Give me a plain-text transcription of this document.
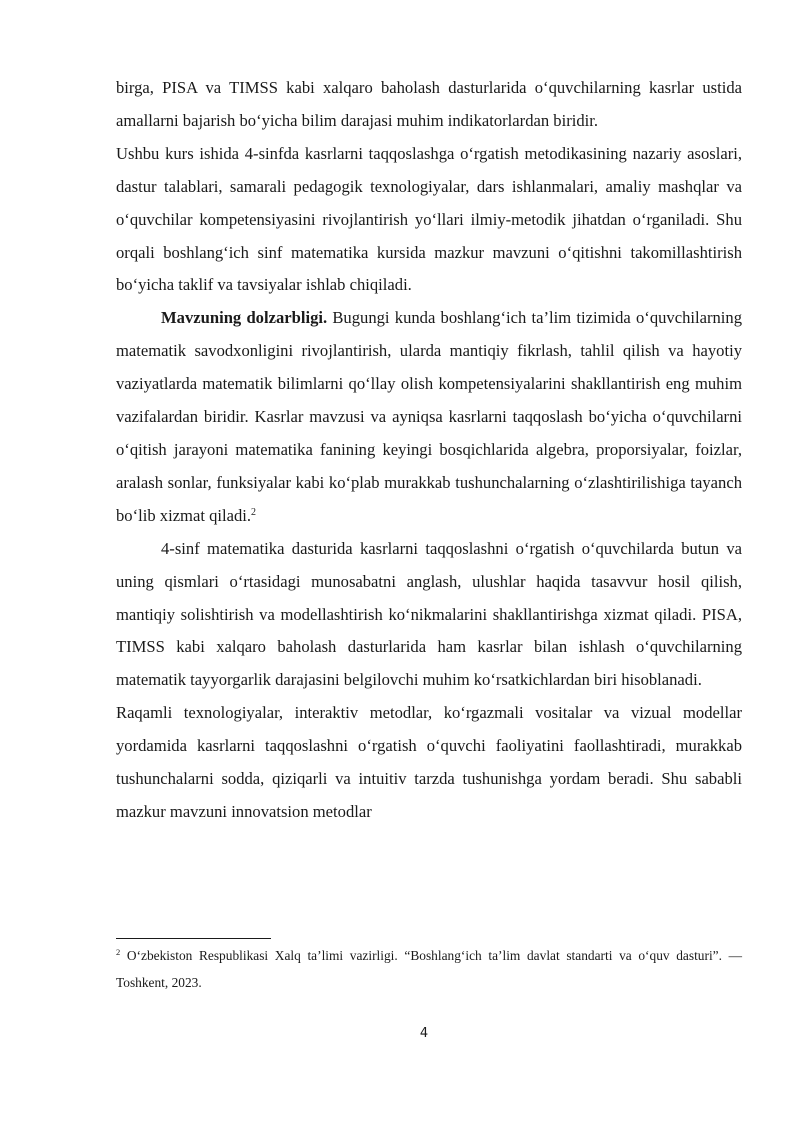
birga, PISA va TIMSS kabi xalqaro baholash dasturlarida o‘quvchilarning kasrlar ustida amallarni bajarish bo‘yicha bilim darajasi muhim indikatorlardan biridir.

Ushbu kurs ishida 4-sinfda kasrlarni taqqoslashga o‘rgatish metodikasining nazariy asoslari, dastur talablari, samarali pedagogik texnologiyalar, dars ishlanmalari, amaliy mashqlar va o‘quvchilar kompetensiyasini rivojlantirish yo‘llari ilmiy-metodik jihatdan o‘rganiladi. Shu orqali boshlang‘ich sinf matematika kursida mazkur mavzuni o‘qitishni takomillashtirish bo‘yicha taklif va tavsiyalar ishlab chiqiladi.

Mavzuning dolzarbligi. Bugungi kunda boshlang‘ich ta’lim tizimida o‘quvchilarning matematik savodxonligini rivojlantirish, ularda mantiqiy fikrlash, tahlil qilish va hayotiy vaziyatlarda matematik bilimlarni qo‘llay olish kompetensiyalarini shakllantirish eng muhim vazifalardan biridir. Kasrlar mavzusi va ayniqsa kasrlarni taqqoslash bo‘yicha o‘quvchilarni o‘qitish jarayoni matematika fanining keyingi bosqichlarida algebra, proporsiyalar, foizlar, aralash sonlar, funksiyalar kabi ko‘plab murakkab tushunchalarning o‘zlashtirilishiga tayanch bo‘lib xizmat qiladi.$^2$

4-sinf matematika dasturida kasrlarni taqqoslashni o‘rgatish o‘quvchilarda butun va uning qismlari o‘rtasidagi munosabatni anglash, ulushlar haqida tasavvur hosil qilish, mantiqiy solishtirish va modellashtirish ko‘nikmalarini shakllantirishga xizmat qiladi. PISA, TIMSS kabi xalqaro baholash dasturlarida ham kasrlar bilan ishlash o‘quvchilarning matematik tayyorgarlik darajasini belgilovchi muhim ko‘rsatkichlardan biri hisoblanadi.

Raqamli texnologiyalar, interaktiv metodlar, ko‘rgazmali vositalar va vizual modellar yordamida kasrlarni taqqoslashni o‘rgatish o‘quvchi faoliyatini faollashtiradi, murakkab tushunchalarni sodda, qiziqarli va intuitiv tarzda tushunishga yordam beradi. Shu sababli mazkur mavzuni innovatsion metodlar

$^2$ O‘zbekiston Respublikasi Xalq ta’limi vazirligi. “Boshlang‘ich ta’lim davlat standarti va o‘quv dasturi”. — Toshkent, 2023.
4
